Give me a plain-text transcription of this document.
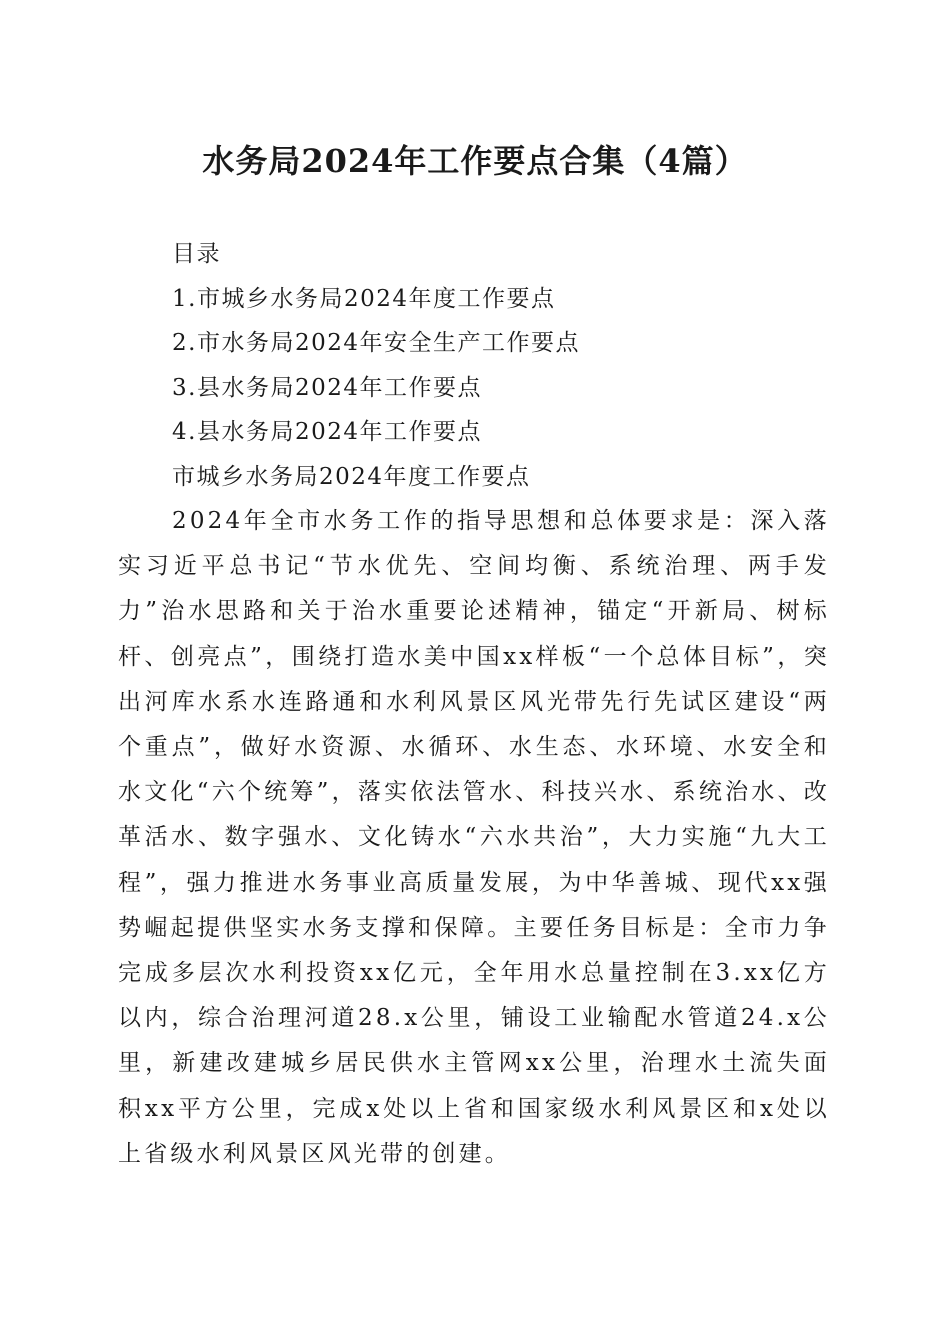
水务局2024年工作要点合集（4篇）
目录
1.市城乡水务局2024年度工作要点
2.市水务局2024年安全生产工作要点
3.县水务局2024年工作要点
4.县水务局2024年工作要点
市城乡水务局2024年度工作要点

2024年全市水务工作的指导思想和总体要求是：深入落实习近平总书记“节水优先、空间均衡、系统治理、两手发力”治水思路和关于治水重要论述精神，锚定“开新局、树标杆、创亮点”，围绕打造水美中国xx样板“一个总体目标”，突出河库水系水连路通和水利风景区风光带先行先试区建设“两个重点”，做好水资源、水循环、水生态、水环境、水安全和水文化“六个统筹”，落实依法管水、科技兴水、系统治水、改革活水、数字强水、文化铸水“六水共治”，大力实施“九大工程”，强力推进水务事业高质量发展，为中华善城、现代xx强势崛起提供坚实水务支撑和保障。主要任务目标是：全市力争完成多层次水利投资xx亿元，全年用水总量控制在3.xx亿方以内，综合治理河道28.x公里，铺设工业输配水管道24.x公里，新建改建城乡居民供水主管网xx公里，治理水土流失面积xx平方公里，完成x处以上省和国家级水利风景区和x处以上省级水利风景区风光带的创建。
